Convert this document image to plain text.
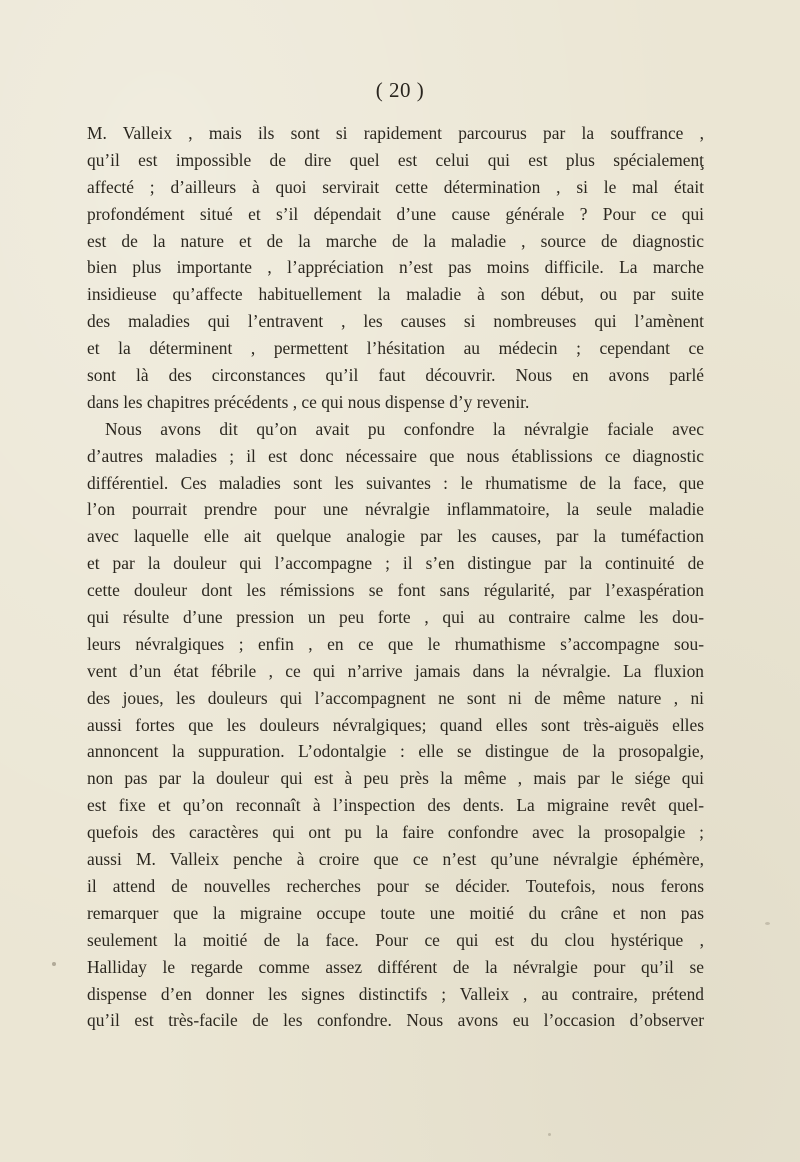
( 20 )
M. Valleix , mais ils sont si rapidement parcourus par la souffrance ,
qu’il est impossible de dire quel est celui qui est plus spécialemenţ
affecté ; d’ailleurs à quoi servirait cette détermination , si le mal était
profondément situé et s’il dépendait d’une cause générale ? Pour ce qui
est de la nature et de la marche de la maladie , source de diagnostic
bien plus importante , l’appréciation n’est pas moins difficile. La marche
insidieuse qu’affecte habituellement la maladie à son début, ou par suite
des maladies qui l’entravent , les causes si nombreuses qui l’amènent
et la déterminent , permettent l’hésitation au médecin ; cependant ce
sont là des circonstances qu’il faut découvrir. Nous en avons parlé
dans les chapitres précédents , ce qui nous dispense d’y revenir.
Nous avons dit qu’on avait pu confondre la névralgie faciale avec
d’autres maladies ; il est donc nécessaire que nous établissions ce diagnostic
différentiel. Ces maladies sont les suivantes : le rhumatisme de la face, que
l’on pourrait prendre pour une névralgie inflammatoire, la seule maladie
avec laquelle elle ait quelque analogie par les causes, par la tuméfaction
et par la douleur qui l’accompagne ; il s’en distingue par la continuité de
cette douleur dont les rémissions se font sans régularité, par l’exaspération
qui résulte d’une pression un peu forte , qui au contraire calme les dou-
leurs névralgiques ; enfin , en ce que le rhumathisme s’accompagne sou-
vent d’un état fébrile , ce qui n’arrive jamais dans la névralgie. La fluxion
des joues, les douleurs qui l’accompagnent ne sont ni de même nature , ni
aussi fortes que les douleurs névralgiques; quand elles sont très-aiguës elles
annoncent la suppuration. L’odontalgie : elle se distingue de la prosopalgie,
non pas par la douleur qui est à peu près la même , mais par le siége qui
est fixe et qu’on reconnaît à l’inspection des dents. La migraine revêt quel-
quefois des caractères qui ont pu la faire confondre avec la prosopalgie ;
aussi M. Valleix penche à croire que ce n’est qu’une névralgie éphémère,
il attend de nouvelles recherches pour se décider. Toutefois, nous ferons
remarquer que la migraine occupe toute une moitié du crâne et non pas
seulement la moitié de la face. Pour ce qui est du clou hystérique ,
Halliday le regarde comme assez différent de la névralgie pour qu’il se
dispense d’en donner les signes distinctifs ; Valleix , au contraire, prétend
qu’il est très-facile de les confondre. Nous avons eu l’occasion d’observer
